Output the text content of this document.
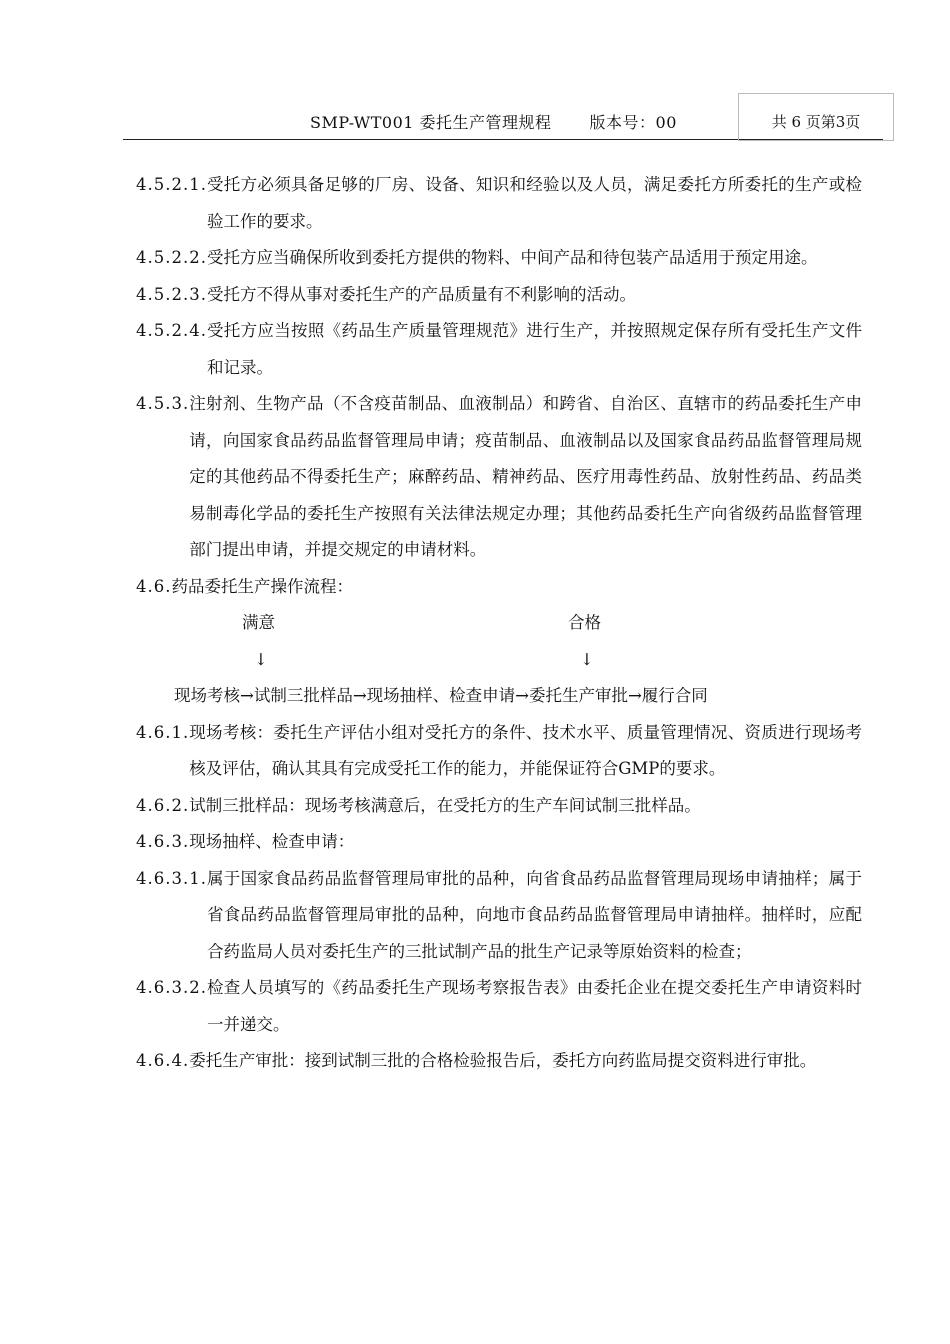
SMP-WT001 委托生产管理规程 版本号：00	共 6 页第3页
4.5.2.1. 受托方必须具备足够的厂房、设备、知识和经验以及人员，满足委托方所委托的生产或检验工作的要求。
4.5.2.2. 受托方应当确保所收到委托方提供的物料、中间产品和待包装产品适用于预定用途。
4.5.2.3. 受托方不得从事对委托生产的产品质量有不利影响的活动。
4.5.2.4. 受托方应当按照《药品生产质量管理规范》进行生产，并按照规定保存所有受托生产文件和记录。
4.5.3. 注射剂、生物产品（不含疫苗制品、血液制品）和跨省、自治区、直辖市的药品委托生产申请，向国家食品药品监督管理局申请；疫苗制品、血液制品以及国家食品药品监督管理局规定的其他药品不得委托生产；麻醉药品、精神药品、医疗用毒性药品、放射性药品、药品类易制毒化学品的委托生产按照有关法律法规定办理；其他药品委托生产向省级药品监督管理部门提出申请，并提交规定的申请材料。
4.6. 药品委托生产操作流程：
满意	合格
↓	↓
现场考核→试制三批样品→现场抽样、检查申请→委托生产审批→履行合同
4.6.1. 现场考核：委托生产评估小组对受托方的条件、技术水平、质量管理情况、资质进行现场考核及评估，确认其具有完成受托工作的能力，并能保证符合GMP的要求。
4.6.2. 试制三批样品：现场考核满意后，在受托方的生产车间试制三批样品。
4.6.3. 现场抽样、检查申请：
4.6.3.1. 属于国家食品药品监督管理局审批的品种，向省食品药品监督管理局现场申请抽样；属于省食品药品监督管理局审批的品种，向地市食品药品监督管理局申请抽样。抽样时，应配合药监局人员对委托生产的三批试制产品的批生产记录等原始资料的检查；
4.6.3.2. 检查人员填写的《药品委托生产现场考察报告表》由委托企业在提交委托生产申请资料时一并递交。
4.6.4. 委托生产审批：接到试制三批的合格检验报告后，委托方向药监局提交资料进行审批。
